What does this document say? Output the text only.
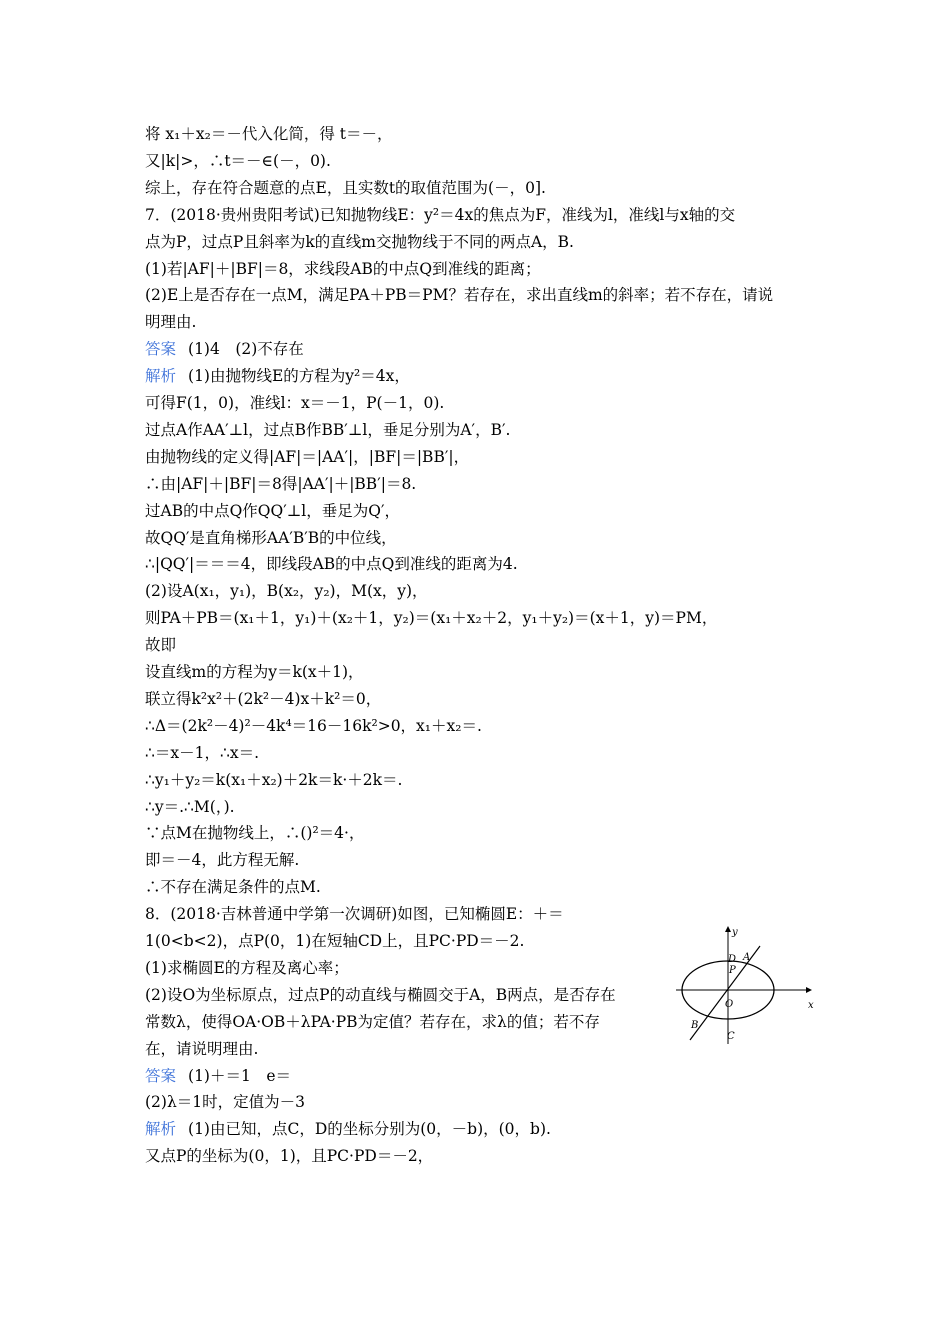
将 x₁＋x₂＝－代入化简，得 t＝－，
又|k|>，∴t＝－∈(－，0).
综上，存在符合题意的点E，且实数t的取值范围为(－，0].
7．(2018·贵州贵阳考试)已知抛物线E：y²＝4x的焦点为F，准线为l，准线l与x轴的交
点为P，过点P且斜率为k的直线m交抛物线于不同的两点A，B.
(1)若|AF|＋|BF|＝8，求线段AB的中点Q到准线的距离；
(2)E上是否存在一点M，满足PA＋PB＝PM？若存在，求出直线m的斜率；若不存在，请说
明理由.
答案 (1)4　(2)不存在
解析 (1)由抛物线E的方程为y²＝4x，
可得F(1，0)，准线l：x＝－1，P(－1，0).
过点A作AA′⊥l，过点B作BB′⊥l，垂足分别为A′，B′.
由抛物线的定义得|AF|＝|AA′|，|BF|＝|BB′|，
∴由|AF|＋|BF|＝8得|AA′|＋|BB′|＝8.
过AB的中点Q作QQ′⊥l，垂足为Q′，
故QQ′是直角梯形AA′B′B的中位线，
∴|QQ′|＝＝＝4，即线段AB的中点Q到准线的距离为4.
(2)设A(x₁，y₁)，B(x₂，y₂)，M(x，y)，
则PA＋PB＝(x₁＋1，y₁)＋(x₂＋1，y₂)＝(x₁＋x₂＋2，y₁＋y₂)＝(x＋1，y)＝PM，
故即
设直线m的方程为y＝k(x＋1)，
联立得k²x²＋(2k²－4)x＋k²＝0，
∴Δ＝(2k²－4)²－4k⁴＝16－16k²>0，x₁＋x₂＝.
∴＝x－1，∴x＝.
∴y₁＋y₂＝k(x₁＋x₂)＋2k＝k·＋2k＝.
∴y＝.∴M(，).
∵点M在抛物线上，∴()²＝4·，
即＝－4，此方程无解.
∴不存在满足条件的点M.
8．(2018·吉林普通中学第一次调研)如图，已知椭圆E：＋＝
1(0<b<2)，点P(0，1)在短轴CD上，且PC·PD＝－2.
(1)求椭圆E的方程及离心率；
(2)设O为坐标原点，过点P的动直线与椭圆交于A，B两点，是否存在
常数λ，使得OA·OB＋λPA·PB为定值？若存在，求λ的值；若不存
在，请说明理由.
答案 (1)＋＝1　e＝
(2)λ＝1时，定值为－3
解析 (1)由已知，点C，D的坐标分别为(0，－b)，(0，b).
又点P的坐标为(0，1)，且PC·PD＝－2，
y
x
D A
P
O
B
C
